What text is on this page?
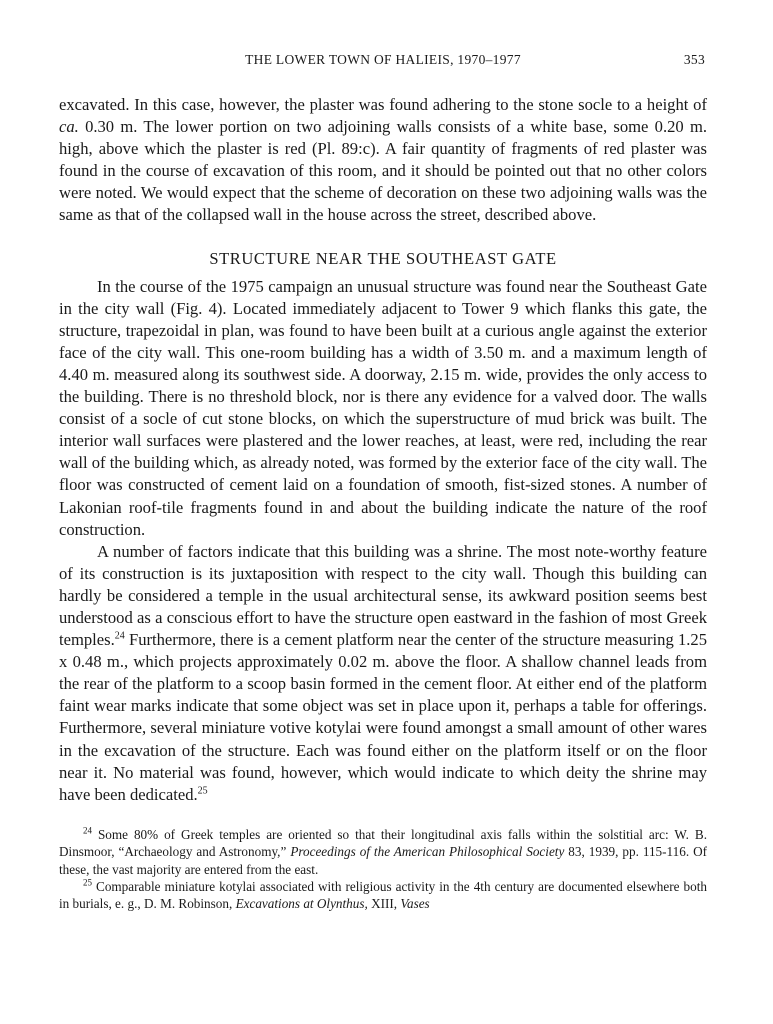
THE LOWER TOWN OF HALIEIS, 1970–1977	353

excavated. In this case, however, the plaster was found adhering to the stone socle to a height of ca. 0.30 m. The lower portion on two adjoining walls consists of a white base, some 0.20 m. high, above which the plaster is red (Pl. 89:c). A fair quantity of fragments of red plaster was found in the course of excavation of this room, and it should be pointed out that no other colors were noted. We would expect that the scheme of decoration on these two adjoining walls was the same as that of the collapsed wall in the house across the street, described above.

STRUCTURE NEAR THE SOUTHEAST GATE

In the course of the 1975 campaign an unusual structure was found near the Southeast Gate in the city wall (Fig. 4). Located immediately adjacent to Tower 9 which flanks this gate, the structure, trapezoidal in plan, was found to have been built at a curious angle against the exterior face of the city wall. This one-room building has a width of 3.50 m. and a maximum length of 4.40 m. measured along its southwest side. A doorway, 2.15 m. wide, provides the only access to the building. There is no threshold block, nor is there any evidence for a valved door. The walls consist of a socle of cut stone blocks, on which the superstructure of mud brick was built. The interior wall surfaces were plastered and the lower reaches, at least, were red, including the rear wall of the building which, as already noted, was formed by the exterior face of the city wall. The floor was constructed of cement laid on a foundation of smooth, fist-sized stones. A number of Lakonian roof-tile fragments found in and about the building indicate the nature of the roof construction.

A number of factors indicate that this building was a shrine. The most note-worthy feature of its construction is its juxtaposition with respect to the city wall. Though this building can hardly be considered a temple in the usual architectural sense, its awkward position seems best understood as a conscious effort to have the structure open eastward in the fashion of most Greek temples.$^{24}$ Furthermore, there is a cement platform near the center of the structure measuring 1.25 x 0.48 m., which projects approximately 0.02 m. above the floor. A shallow channel leads from the rear of the platform to a scoop basin formed in the cement floor. At either end of the platform faint wear marks indicate that some object was set in place upon it, perhaps a table for offerings. Furthermore, several miniature votive kotylai were found amongst a small amount of other wares in the excavation of the structure. Each was found either on the platform itself or on the floor near it. No material was found, however, which would indicate to which deity the shrine may have been dedicated.$^{25}$

$^{24}$ Some 80% of Greek temples are oriented so that their longitudinal axis falls within the solstitial arc: W. B. Dinsmoor, “Archaeology and Astronomy,” Proceedings of the American Philosophical Society 83, 1939, pp. 115-116. Of these, the vast majority are entered from the east.

$^{25}$ Comparable miniature kotylai associated with religious activity in the 4th century are documented elsewhere both in burials, e. g., D. M. Robinson, Excavations at Olynthus, XIII, Vases
